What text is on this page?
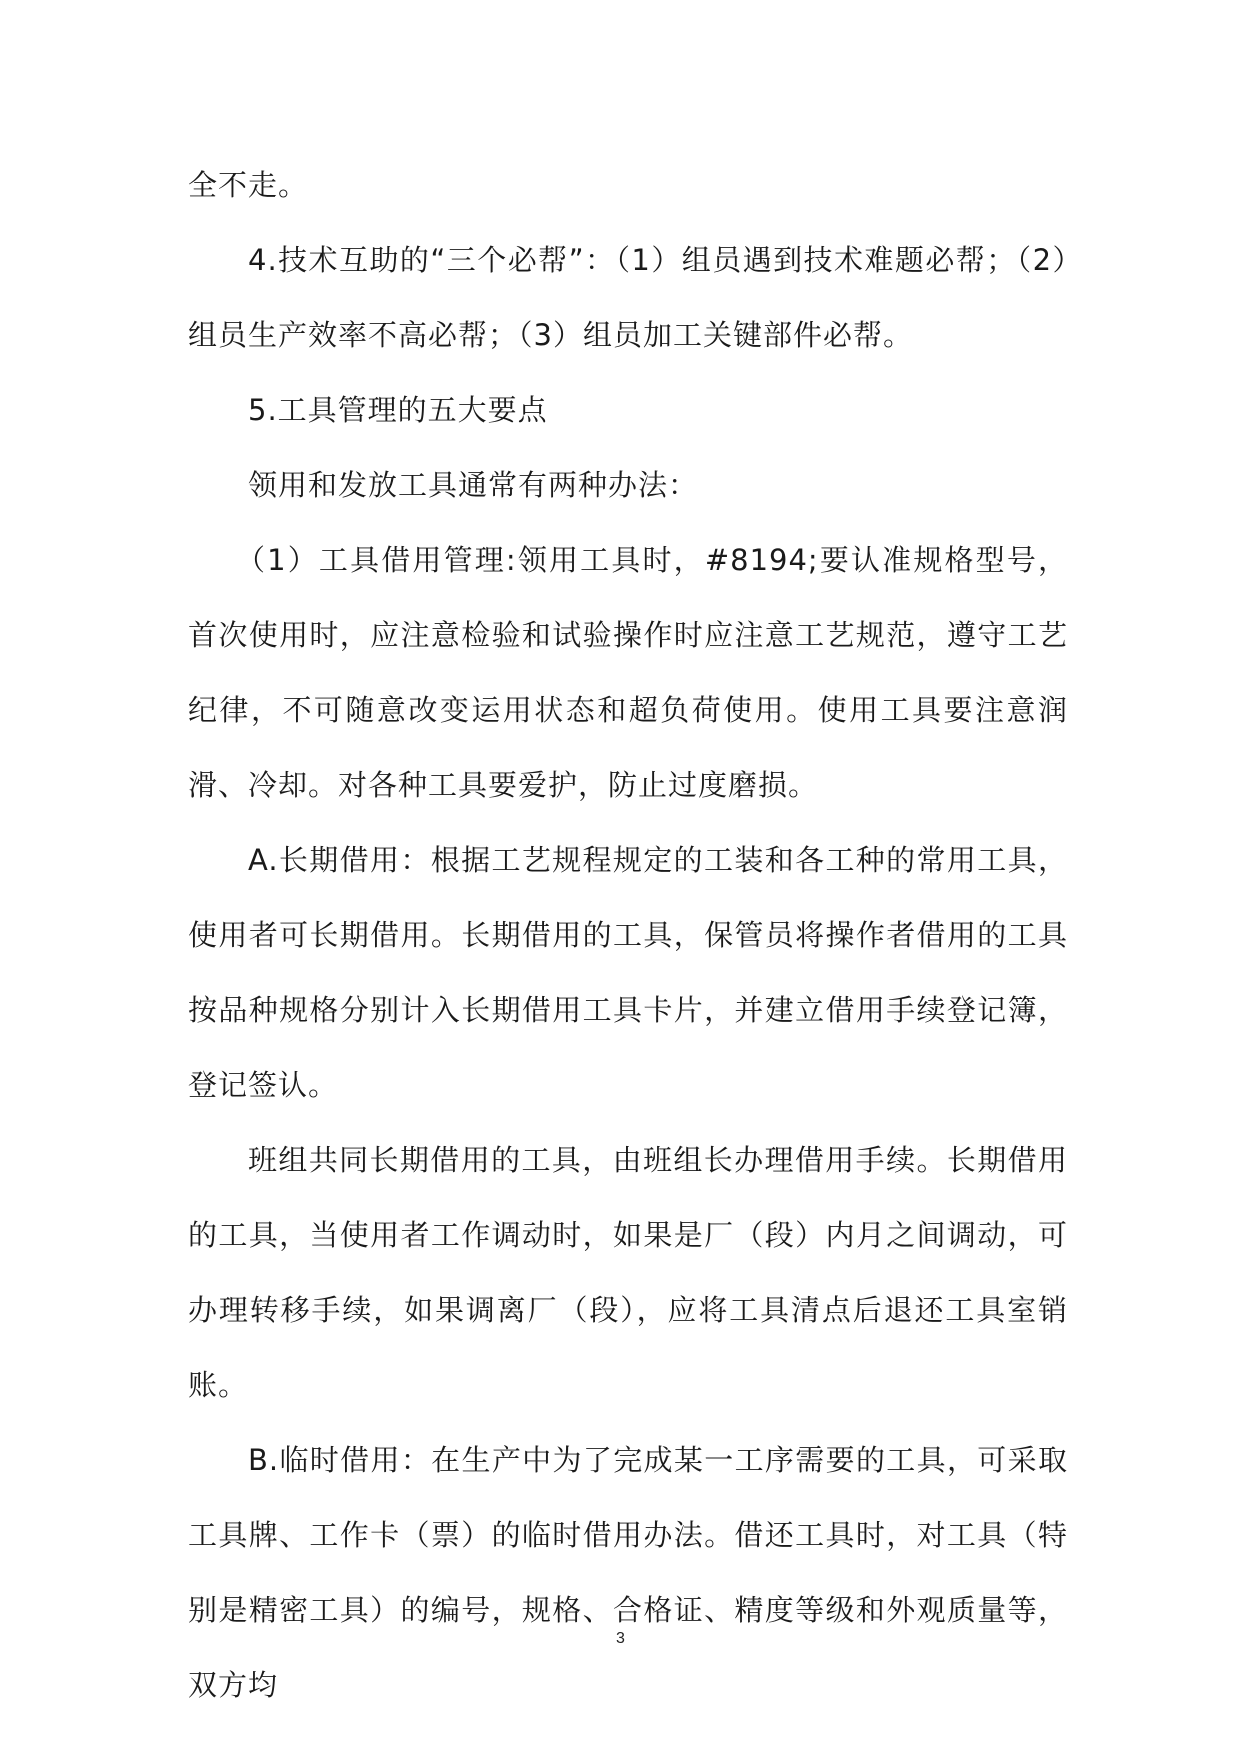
全不走。

4.技术互助的“三个必帮”：（1）组员遇到技术难题必帮；（2）组员生产效率不高必帮；（3）组员加工关键部件必帮。

5.工具管理的五大要点

领用和发放工具通常有两种办法：

（1）工具借用管理:领用工具时，#8194;要认准规格型号，首次使用时，应注意检验和试验操作时应注意工艺规范，遵守工艺纪律，不可随意改变运用状态和超负荷使用。使用工具要注意润滑、冷却。对各种工具要爱护，防止过度磨损。

A.长期借用：根据工艺规程规定的工装和各工种的常用工具，使用者可长期借用。长期借用的工具，保管员将操作者借用的工具按品种规格分别计入长期借用工具卡片，并建立借用手续登记簿，登记签认。

班组共同长期借用的工具，由班组长办理借用手续。长期借用的工具，当使用者工作调动时，如果是厂（段）内月之间调动，可办理转移手续，如果调离厂（段），应将工具清点后退还工具室销账。

B.临时借用：在生产中为了完成某一工序需要的工具，可采取工具牌、工作卡（票）的临时借用办法。借还工具时，对工具（特别是精密工具）的编号，规格、合格证、精度等级和外观质量等，双方均

3
